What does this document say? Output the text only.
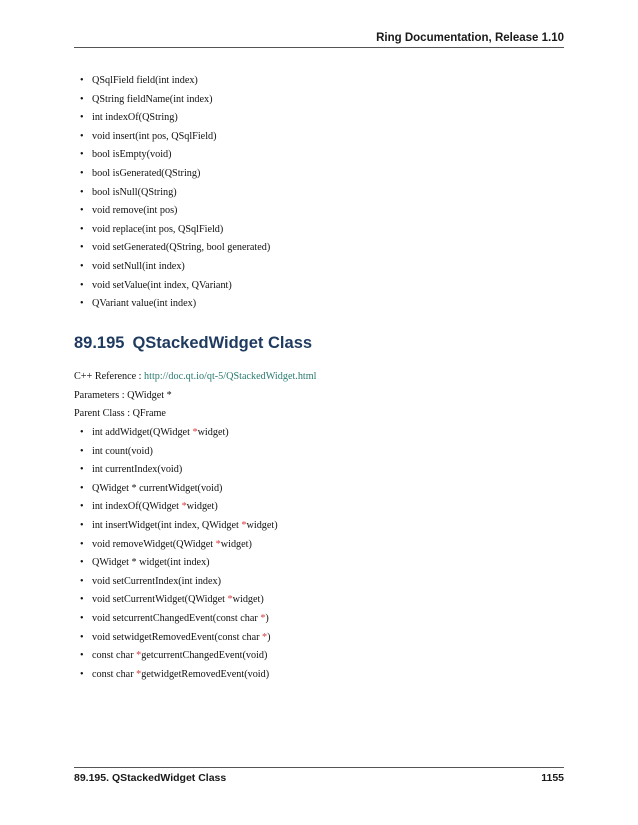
Ring Documentation, Release 1.10
• QSqlField field(int index)
• QString fieldName(int index)
• int indexOf(QString)
• void insert(int pos, QSqlField)
• bool isEmpty(void)
• bool isGenerated(QString)
• bool isNull(QString)
• void remove(int pos)
• void replace(int pos, QSqlField)
• void setGenerated(QString, bool generated)
• void setNull(int index)
• void setValue(int index, QVariant)
• QVariant value(int index)
89.195 QStackedWidget Class
C++ Reference : http://doc.qt.io/qt-5/QStackedWidget.html
Parameters : QWidget *
Parent Class : QFrame
• int addWidget(QWidget *widget)
• int count(void)
• int currentIndex(void)
• QWidget * currentWidget(void)
• int indexOf(QWidget *widget)
• int insertWidget(int index, QWidget *widget)
• void removeWidget(QWidget *widget)
• QWidget * widget(int index)
• void setCurrentIndex(int index)
• void setCurrentWidget(QWidget *widget)
• void setcurrentChangedEvent(const char *)
• void setwidgetRemovedEvent(const char *)
• const char *getcurrentChangedEvent(void)
• const char *getwidgetRemovedEvent(void)
89.195. QStackedWidget Class	1155
